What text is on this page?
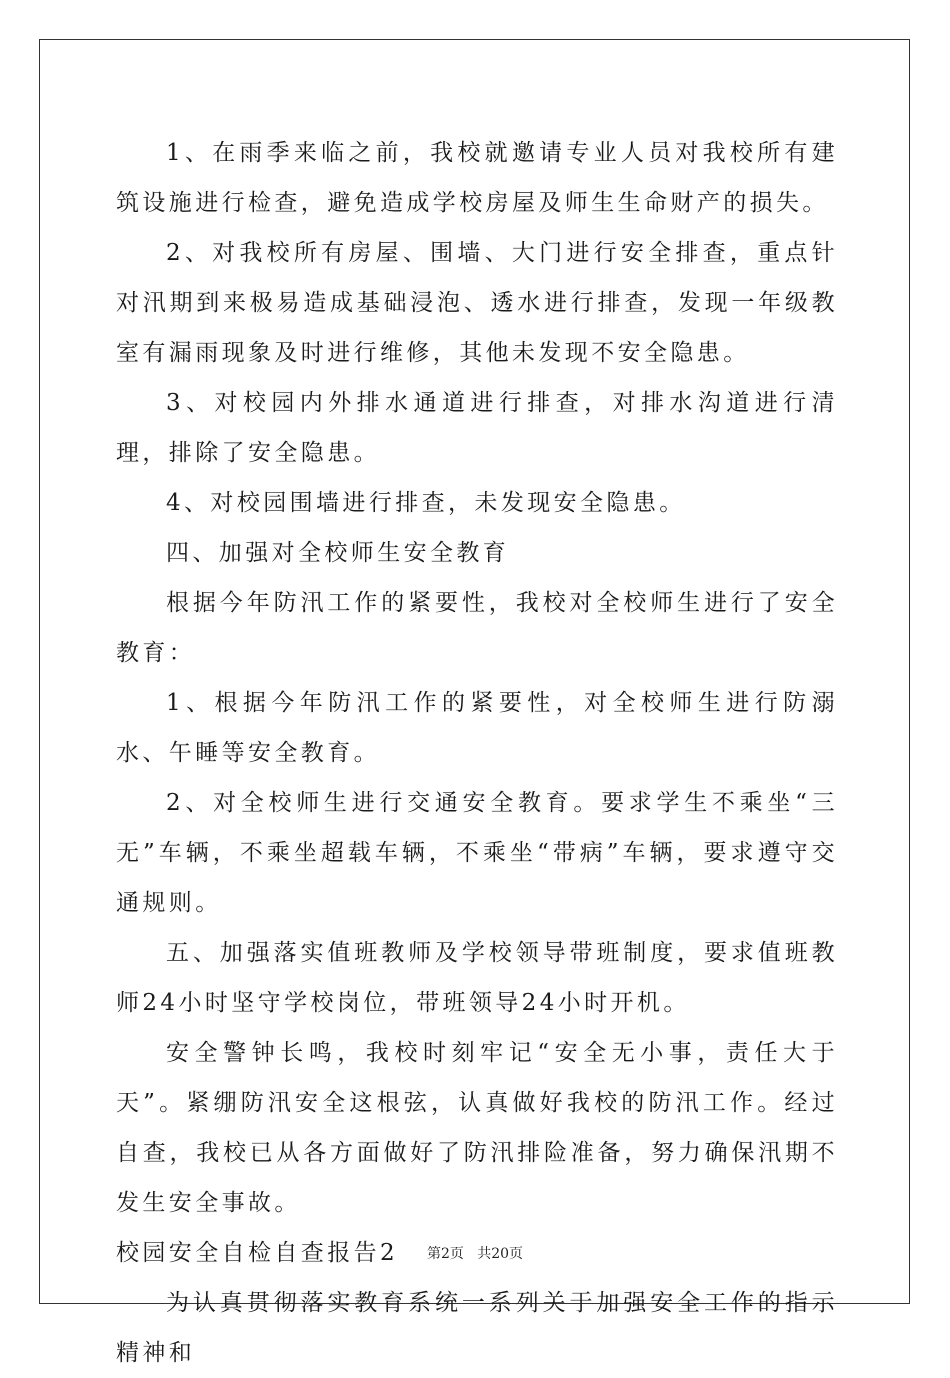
1、在雨季来临之前，我校就邀请专业人员对我校所有建筑设施进行检查，避免造成学校房屋及师生生命财产的损失。

2、对我校所有房屋、围墙、大门进行安全排查，重点针对汛期到来极易造成基础浸泡、透水进行排查，发现一年级教室有漏雨现象及时进行维修，其他未发现不安全隐患。

3、对校园内外排水通道进行排查，对排水沟道进行清理，排除了安全隐患。

4、对校园围墙进行排查，未发现安全隐患。

四、加强对全校师生安全教育

根据今年防汛工作的紧要性，我校对全校师生进行了安全教育：

1、根据今年防汛工作的紧要性，对全校师生进行防溺水、午睡等安全教育。

2、对全校师生进行交通安全教育。要求学生不乘坐“三无”车辆，不乘坐超载车辆，不乘坐“带病”车辆，要求遵守交通规则。

五、加强落实值班教师及学校领导带班制度，要求值班教师24小时坚守学校岗位，带班领导24小时开机。

安全警钟长鸣，我校时刻牢记“安全无小事，责任大于天”。紧绷防汛安全这根弦，认真做好我校的防汛工作。经过自查，我校已从各方面做好了防汛排险准备，努力确保汛期不发生安全事故。

校园安全自检自查报告2

为认真贯彻落实教育系统一系列关于加强安全工作的指示精神和

第2页   共20页
